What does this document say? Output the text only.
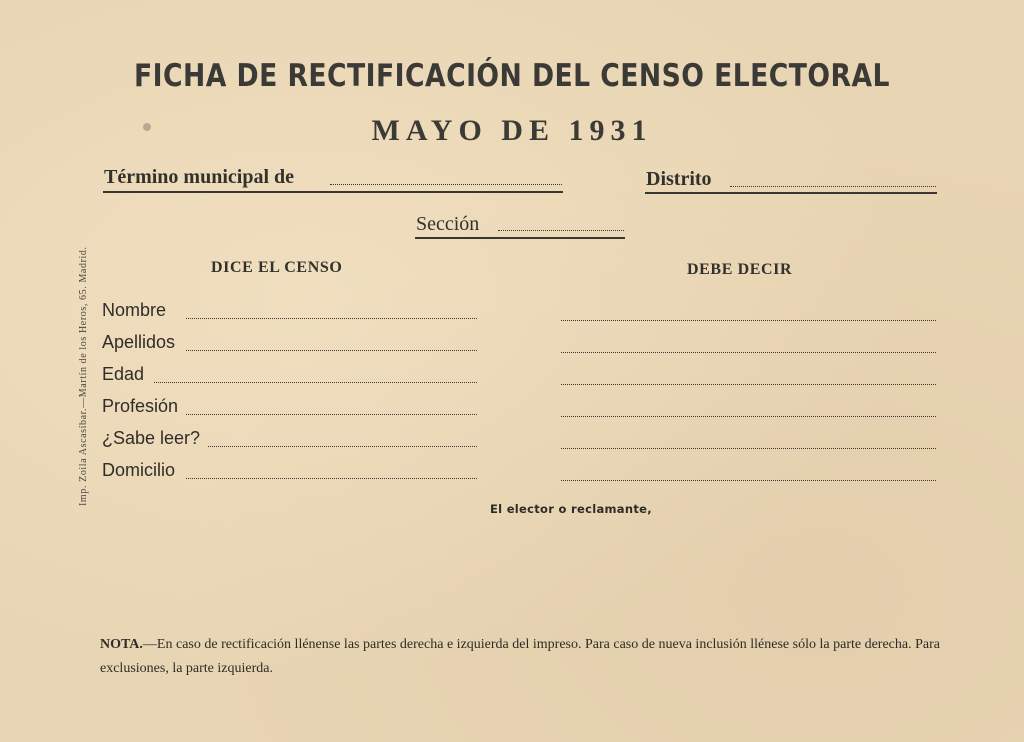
FICHA DE RECTIFICACIÓN DEL CENSO ELECTORAL
MAYO DE 1931
Término municipal de	Distrito
Sección
DICE EL CENSO	DEBE DECIR
Nombre
Apellidos
Edad
Profesión
¿Sabe leer?
Domicilio
El elector o reclamante,
Imp. Zoila Ascasíbar.—Martín de los Heros, 65. Madrid.
NOTA.—En caso de rectificación llénense las partes derecha e izquierda del impreso. Para caso de nueva inclusión llénese sólo la parte derecha. Para exclusiones, la parte izquierda.
